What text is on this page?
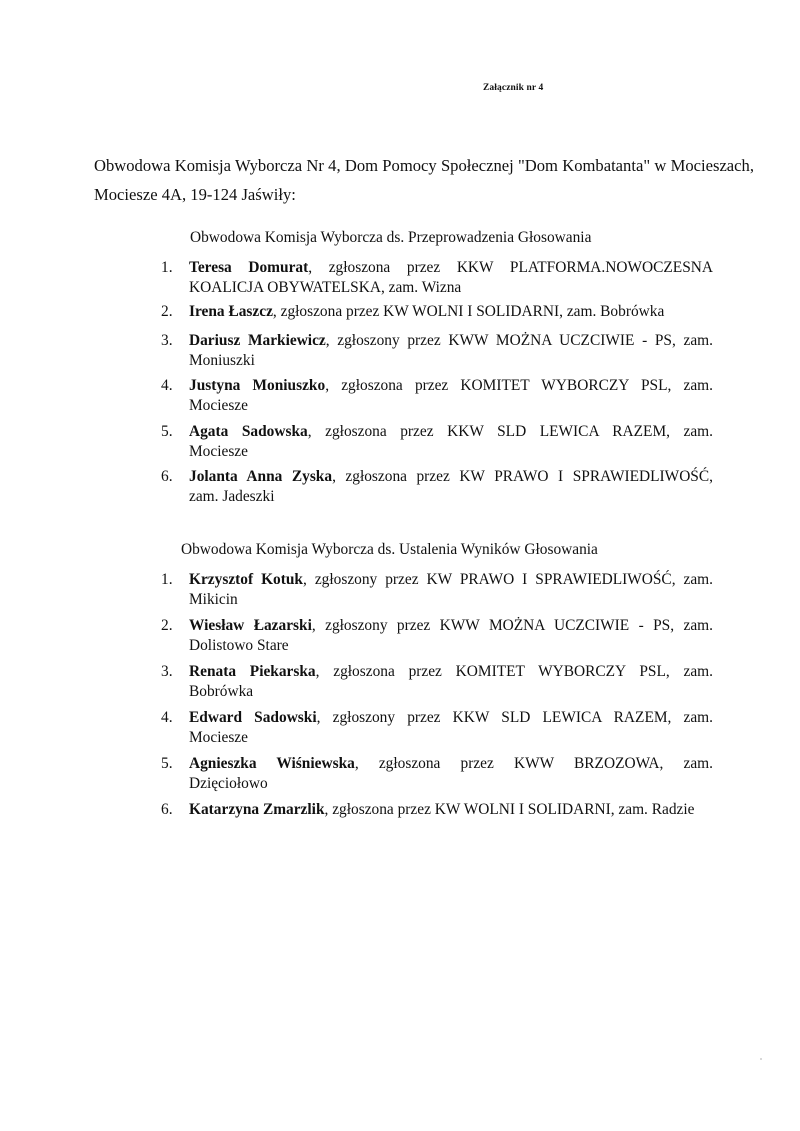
Załącznik nr 4
Obwodowa Komisja Wyborcza Nr 4, Dom Pomocy Społecznej "Dom Kombatanta" w Mocieszach, Mociesze 4A, 19-124 Jaświły:
Obwodowa Komisja Wyborcza ds. Przeprowadzenia Głosowania
1.	Teresa Domurat, zgłoszona przez KKW PLATFORMA.NOWOCZESNA
KOALICJA OBYWATELSKA, zam. Wizna
2.	Irena Łaszcz, zgłoszona przez KW WOLNI I SOLIDARNI, zam. Bobrówka
3.	Dariusz Markiewicz, zgłoszony przez KWW MOŻNA UCZCIWIE - PS, zam.
Moniuszki
4.	Justyna Moniuszko, zgłoszona przez KOMITET WYBORCZY PSL, zam.
Mociesze
5.	Agata Sadowska, zgłoszona przez KKW SLD LEWICA RAZEM, zam.
Mociesze
6.	Jolanta Anna Zyska, zgłoszona przez KW PRAWO I SPRAWIEDLIWOŚĆ,
zam. Jadeszki
Obwodowa Komisja Wyborcza ds. Ustalenia Wyników Głosowania
1.	Krzysztof Kotuk, zgłoszony przez KW PRAWO I SPRAWIEDLIWOŚĆ, zam.
Mikicin
2.	Wiesław Łazarski, zgłoszony przez KWW MOŻNA UCZCIWIE - PS, zam.
Dolistowo Stare
3.	Renata Piekarska, zgłoszona przez KOMITET WYBORCZY PSL, zam.
Bobrówka
4.	Edward Sadowski, zgłoszony przez KKW SLD LEWICA RAZEM, zam.
Mociesze
5.	Agnieszka Wiśniewska, zgłoszona przez KWW BRZOZOWA, zam.
Dzięciołowo
6.	Katarzyna Zmarzlik, zgłoszona przez KW WOLNI I SOLIDARNI, zam. Radzie
